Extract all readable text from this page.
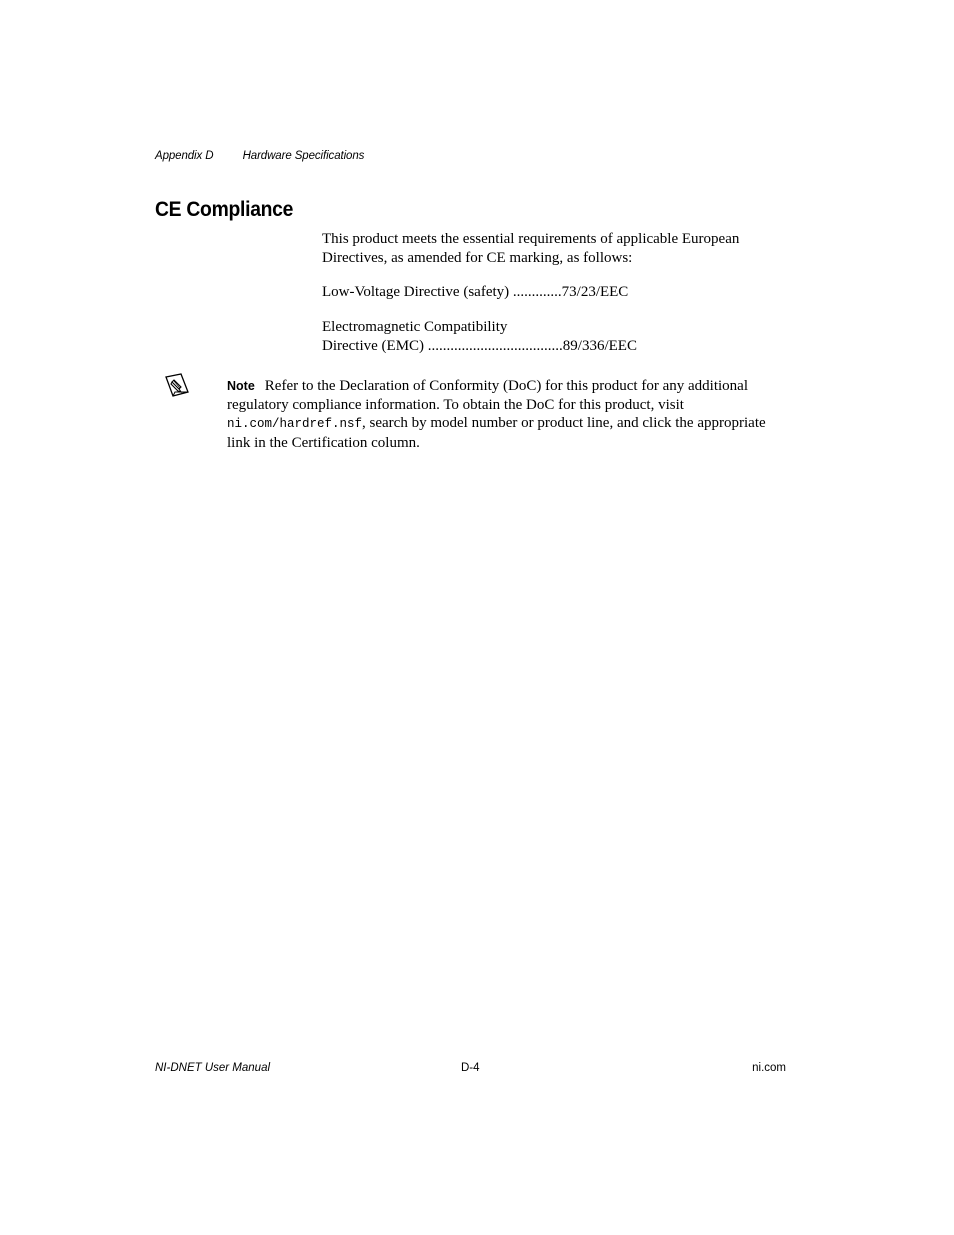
Appendix D	Hardware Specifications
CE Compliance
This product meets the essential requirements of applicable European Directives, as amended for CE marking, as follows:
Low-Voltage Directive (safety) .............73/23/EEC
Electromagnetic Compatibility
Directive (EMC) ....................................89/336/EEC
Note Refer to the Declaration of Conformity (DoC) for this product for any additional regulatory compliance information. To obtain the DoC for this product, visit ni.com/hardref.nsf, search by model number or product line, and click the appropriate link in the Certification column.
NI-DNET User Manual	D-4	ni.com
